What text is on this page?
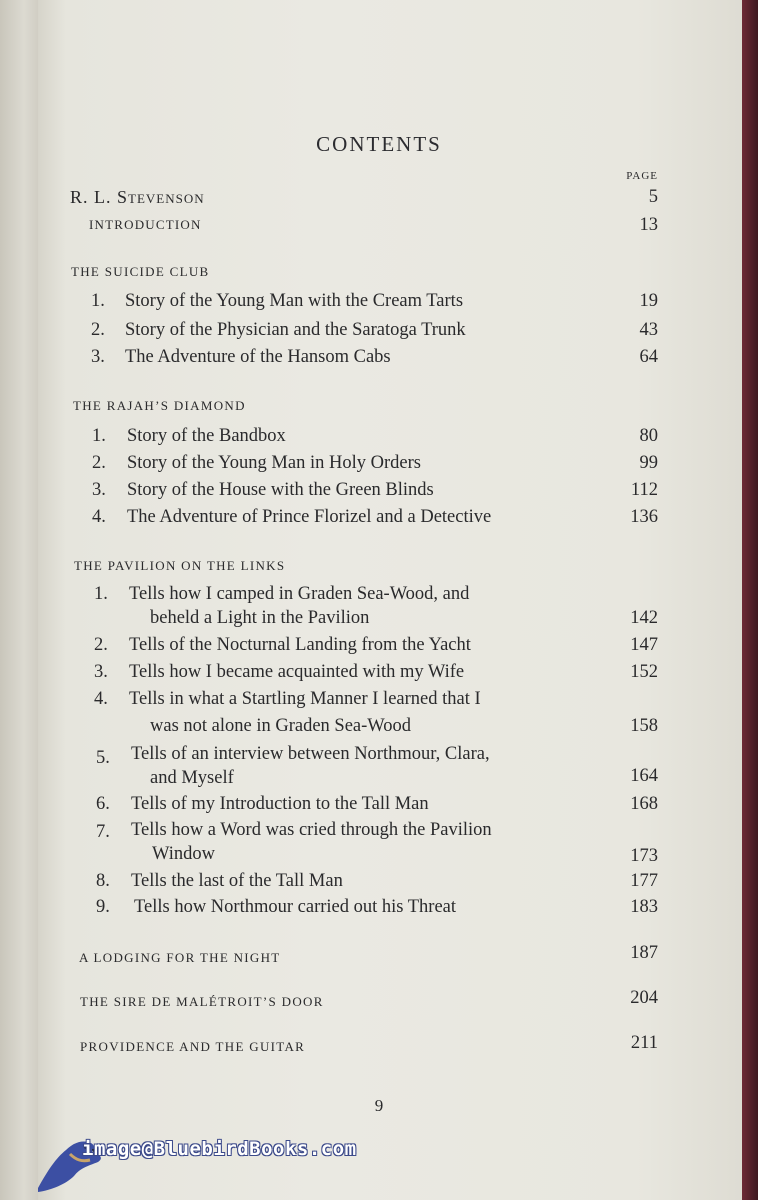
CONTENTS
PAGE
R. L. Stevenson	5
INTRODUCTION	13
THE SUICIDE CLUB
1. Story of the Young Man with the Cream Tarts	19
2. Story of the Physician and the Saratoga Trunk	43
3. The Adventure of the Hansom Cabs	64
THE RAJAH’S DIAMOND
1. Story of the Bandbox	80
2. Story of the Young Man in Holy Orders	99
3. Story of the House with the Green Blinds	112
4. The Adventure of Prince Florizel and a Detective	136
THE PAVILION ON THE LINKS
1. Tells how I camped in Graden Sea-Wood, and
beheld a Light in the Pavilion	142
2. Tells of the Nocturnal Landing from the Yacht	147
3. Tells how I became acquainted with my Wife	152
4. Tells in what a Startling Manner I learned that I
was not alone in Graden Sea-Wood	158
5. Tells of an interview between Northmour, Clara,
and Myself	164
6. Tells of my Introduction to the Tall Man	168
7. Tells how a Word was cried through the Pavilion
Window	173
8. Tells the last of the Tall Man	177
9. Tells how Northmour carried out his Threat	183
A LODGING FOR THE NIGHT	187
THE SIRE DE MALÉTROIT’S DOOR	204
PROVIDENCE AND THE GUITAR	211
9
image@BluebirdBooks.com
